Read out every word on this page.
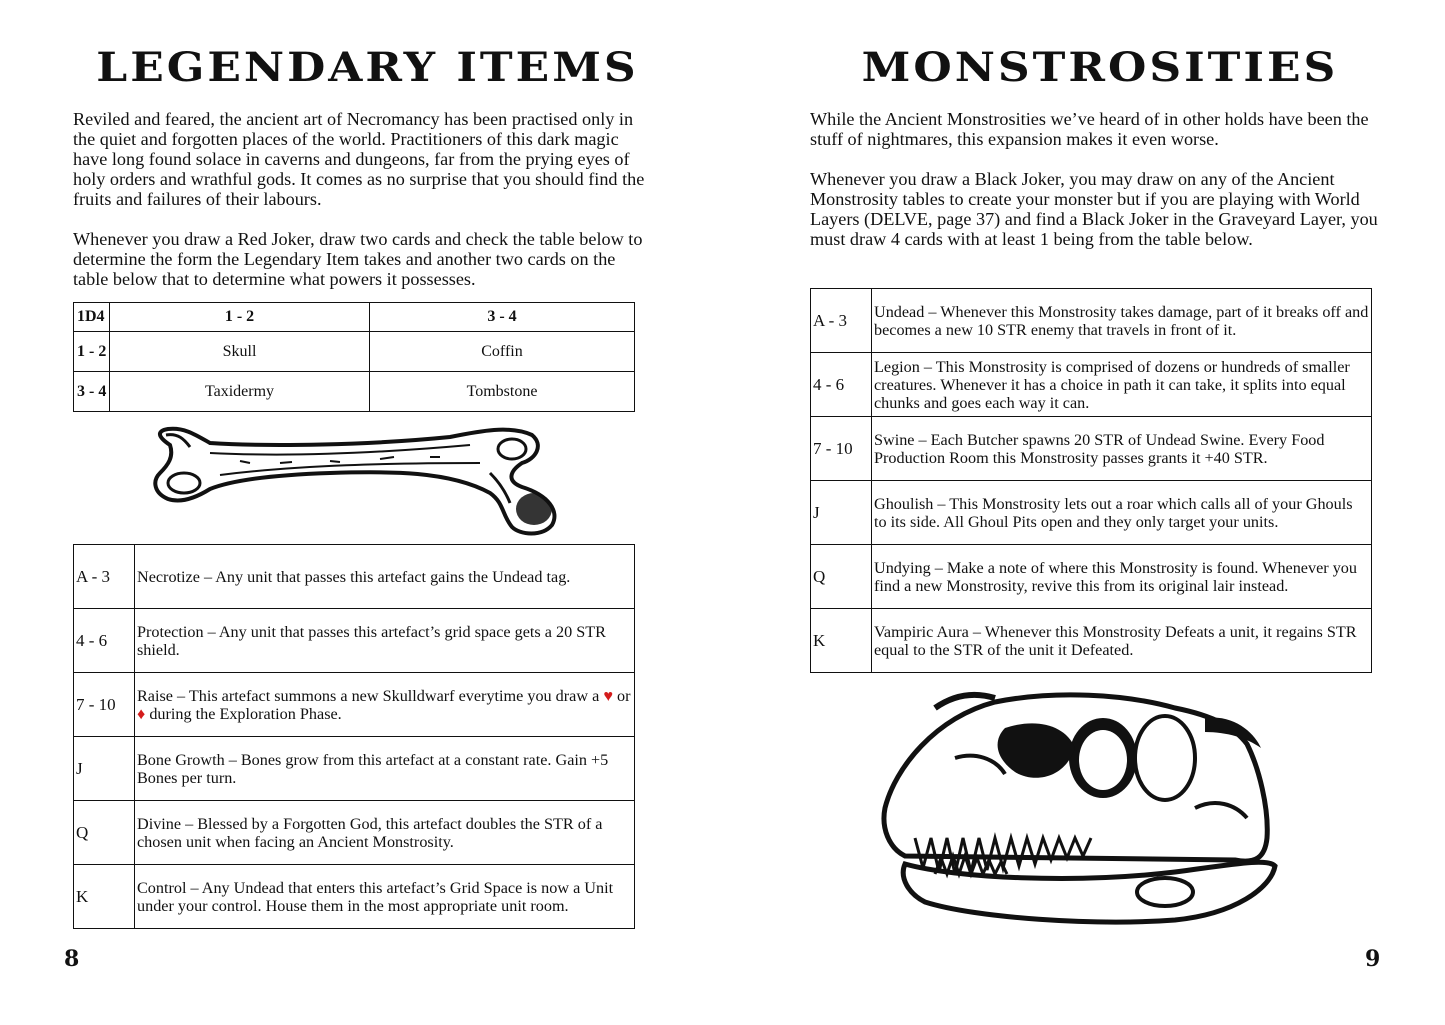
LEGENDARY ITEMS

Reviled and feared, the ancient art of Necromancy has been practised only in the quiet and forgotten places of the world. Practitioners of this dark magic have long found solace in caverns and dungeons, far from the prying eyes of holy orders and wrathful gods. It comes as no surprise that you should find the fruits and failures of their labours.

Whenever you draw a Red Joker, draw two cards and check the table below to determine the form the Legendary Item takes and another two cards on the table below that to determine what powers it possesses.

1D4	1 - 2	3 - 4
1 - 2	Skull	Coffin
3 - 4	Taxidermy	Tombstone
A - 3	Necrotize – Any unit that passes this artefact gains the Undead tag.
4 - 6	Protection – Any unit that passes this artefact’s grid space gets a 20 STR shield.
7 - 10	Raise – This artefact summons a new Skulldwarf everytime you draw a ♥ or ♦ during the Exploration Phase.
J	Bone Growth – Bones grow from this artefact at a constant rate. Gain +5 Bones per turn.
Q	Divine – Blessed by a Forgotten God, this artefact doubles the STR of a chosen unit when facing an Ancient Monstrosity.
K	Control – Any Undead that enters this artefact’s Grid Space is now a Unit under your control. House them in the most appropriate unit room.
8
MONSTROSITIES

While the Ancient Monstrosities we’ve heard of in other holds have been the stuff of nightmares, this expansion makes it even worse.

Whenever you draw a Black Joker, you may draw on any of the Ancient Monstrosity tables to create your monster but if you are playing with World Layers (DELVE, page 37) and find a Black Joker in the Graveyard Layer, you must draw 4 cards with at least 1 being from the table below.

A - 3	Undead – Whenever this Monstrosity takes damage, part of it breaks off and becomes a new 10 STR enemy that travels in front of it.
4 - 6	Legion – This Monstrosity is comprised of dozens or hundreds of smaller creatures. Whenever it has a choice in path it can take, it splits into equal chunks and goes each way it can.
7 - 10	Swine – Each Butcher spawns 20 STR of Undead Swine. Every Food Production Room this Monstrosity passes grants it +40 STR.
J	Ghoulish – This Monstrosity lets out a roar which calls all of your Ghouls to its side. All Ghoul Pits open and they only target your units.
Q	Undying – Make a note of where this Monstrosity is found. Whenever you find a new Monstrosity, revive this from its original lair instead.
K	Vampiric Aura – Whenever this Monstrosity Defeats a unit, it regains STR equal to the STR of the unit it Defeated.
9
